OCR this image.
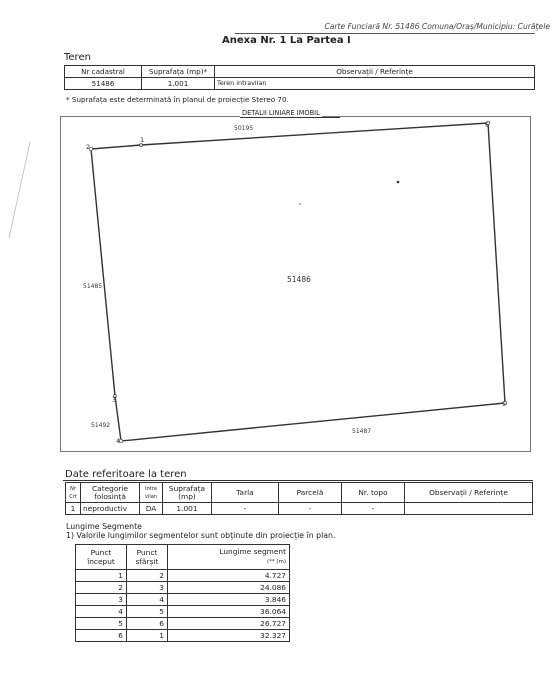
Carte Funciară Nr. 51486 Comuna/Oraș/Municipiu: Curățele
Anexa Nr. 1 La Partea I
Teren
Nr cadastral	Suprafața (mp)*	Observații / Referințe
51486	1.001	Teren intravilan
* Suprafața este determinată în planul de proiecție Stereo 70.
DETALII LINIARE IMOBIL
2
1
6
5
4
3
51486
50195
51485
51492
51487
Date referitoare la teren
Nr Crt	Categorie folosință	Intra vilan	Suprafața (mp)	Tarla	Parcelă	Nr. topo	Observații / Referințe
1	neproductiv	DA	1.001	-	-	-	
Lungime Segmente
1) Valorile lungimilor segmentelor sunt obținute din proiecție în plan.
Punct început	Punct sfârșit	Lungime segment
(** (m)
1	2	4.727
2	3	24.086
3	4	3.846
4	5	36.064
5	6	26.727
6	1	32.327
